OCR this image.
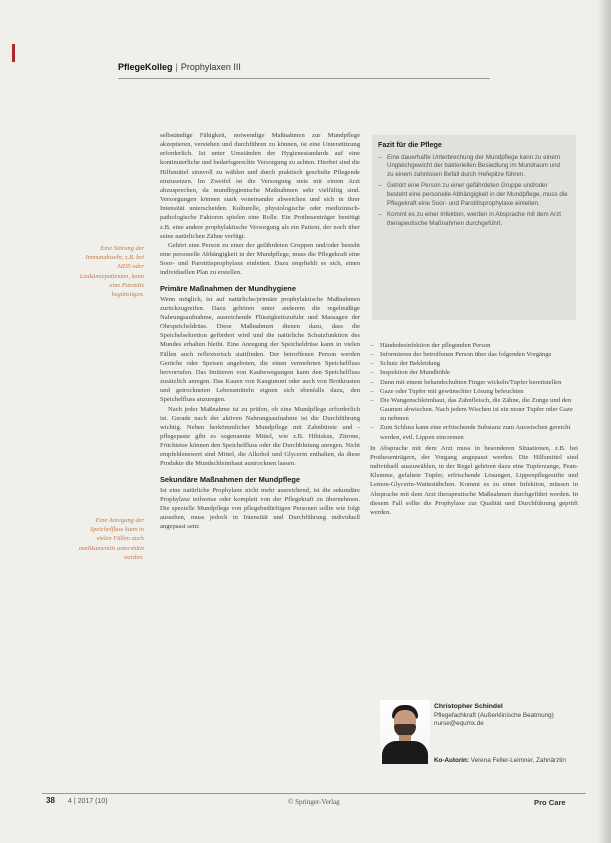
PflegeKolleg | Prophylaxen III
Eine Störung der Immunabwehr, z.B. bei AIDS oder Leukämiepatienten, kann eine Parotitis begünstigen.
Eine Anregung der Speichelfluss kann in vielen Fällen auch medikamentös unterstützt werden.

selbständige Fähigkeit, notwendige Maßnahmen zur Mundpflege akzeptieren, verstehen und durchführen zu können, ist eine Unterstützung erforderlich. Ist unter Umständen der Hygienestandards auf eine kontinuierliche und bedarfsgerechte Versorgung zu achten. Hierbei sind die Hilfsmittel sinnvoll zu wählen und durch praktisch geschulte Pflegende einzusetzen. Im Zweifel ist die Versorgung stets mit einem Arzt abzusprechen, da mundhygienische Maßnahmen sehr vielfältig sind. Versorgungen können stark voneinander abweichen und sich in ihrer Intensität unterscheiden. Kulturelle, physiologische oder medizinisch-pathologische Faktoren spielen eine Rolle. Ein Prothesenträger benötigt z.B. eine andere prophylaktische Versorgung als ein Patient, der noch über seine natürlichen Zähne verfügt.

Gehört eine Person zu einer der gefährdeten Gruppen und/oder besteht eine personelle Abhängigkeit in der Mundpflege, muss die Pflegekraft eine Soor- und Parotitisprophylaxe einleiten. Dazu empfiehlt es sich, einen individuellen Plan zu erstellen.

Primäre Maßnahmen der Mundhygiene

Wenn möglich, ist auf natürliche/primäre prophylaktische Maßnahmen zurückzugreifen. Dazu gehören unter anderem die regelmäßige Nahrungsaufnahme, ausreichende Flüssigkeitszufuhr und Massagen der Ohrspeicheldrüse. Diese Maßnahmen dienen dazu, dass die Speichelsekretion gefördert wird und die natürliche Schutzfunktion des Mundes erhalten bleibt. Eine Anregung der Speicheldrüse kann in vielen Fällen auch reflextorisch stattfinden. Der betroffenen Person werden Gerüche oder Speisen angeboten, die einen vermehrten Speichelfluss hervorrufen. Das Imitieren von Kaubewegungen kann den Speichelfluss zusätzlich anregen. Das Kauen von Kaugummi oder auch von Brotkrusten und getrockneten Lebensmitteln eignen sich ebenfalls dazu, den Speichelfluss anzuregen.

Nach jeder Maßnahme ist zu prüfen, ob eine Mundpflege erforderlich ist. Gerade nach der aktiven Nahrungsaufnahme ist die Durchführung wichtig. Neben herkömmlicher Mundpflege mit Zahnbürste und -pflegepaste gibt es sogenannte Mittel, wie z.B. Hibiskus, Zitrone, Früchtetee können den Speichelfluss oder die Durchblutung anregen. Nicht empfehlenswert sind Mittel, die Alkohol und Glycerin enthalten, da diese Produkte die Mundschleimhaut austrocknen lassen.

Sekundäre Maßnahmen der Mundpflege

Ist eine natürliche Prophylaxe nicht mehr ausreichend, ist die sekundäre Prophylaxe teilweise oder komplett von der Pflegekraft zu übernehmen. Die spezielle Mundpflege von pflegebedürftigen Personen sollte wie folgt aussehen, muss jedoch in Intensität und Durchführung individuell angepasst sein:

Fazit für die Pflege
– Eine dauerhafte Unterbrechung der Mundpflege kann zu einem Ungleichgewicht der bakteriellen Besiedlung im Mundraum und zu einem zahnlosen Befall durch Hefepilze führen.
– Gehört eine Person zu einer gefährdeten Gruppe und/oder besteht eine personelle Abhängigkeit in der Mundpflege, muss die Pflegekraft eine Soor- und Parotitisprophylaxe einleiten.
– Kommt es zu einer Infektion, werden in Absprache mit dem Arzt therapeutische Maßnahmen durchgeführt.
–	Händedesinfektion der pflegenden Person
–	Informieren der betroffenen Person über das folgenden Vorgänge
–	Schutz der Bekleidung
–	Inspektion der Mundhöhle
–	Dann mit einem behandschuhten Finger wickeln/Tupfer bereitstellen
–	Gaze oder Tupfer mit gewünschter Lösung befeuchten
–	Die Wangenschleimhaut, das Zahnfleisch, die Zähne, die Zunge und den Gaumen abwischen. Nach jedem Wischen ist ein neuer Tupfer oder Gaze zu nehmen
–	Zum Schluss kann eine erfrischende Substanz zum Auswischen gereicht werden, evtl. Lippen eincremen

In Absprache mit dem Arzt muss in besonderen Situationen, z.B. bei Prothesenträgern, der Vorgang angepasst werden. Die Hilfsmittel sind individuell auszuwählen, in der Regel gehören dazu eine Tupferzange, Pean-Klemme, gefaltete Tupfer, erfrischende Lösungen, Lippenpflegestifte und Lemon-Glycerin-Wattestäbchen. Kommt es zu einer Infektion, müssen in Absprache mit dem Arzt therapeutische Maßnahmen durchgeführt werden. In diesem Fall sollte die Prophylaxe zur Qualität und Durchführung geprüft werden.

Christopher Schindel
Pflegefachkraft (Außerklinische Beatmung)
nurse@equmx.de
Ko-Autorin: Verena Feller-Leimner, Zahnärztin
38 4 | 2017 (10)	© Springer-Verlag	Pro Care
